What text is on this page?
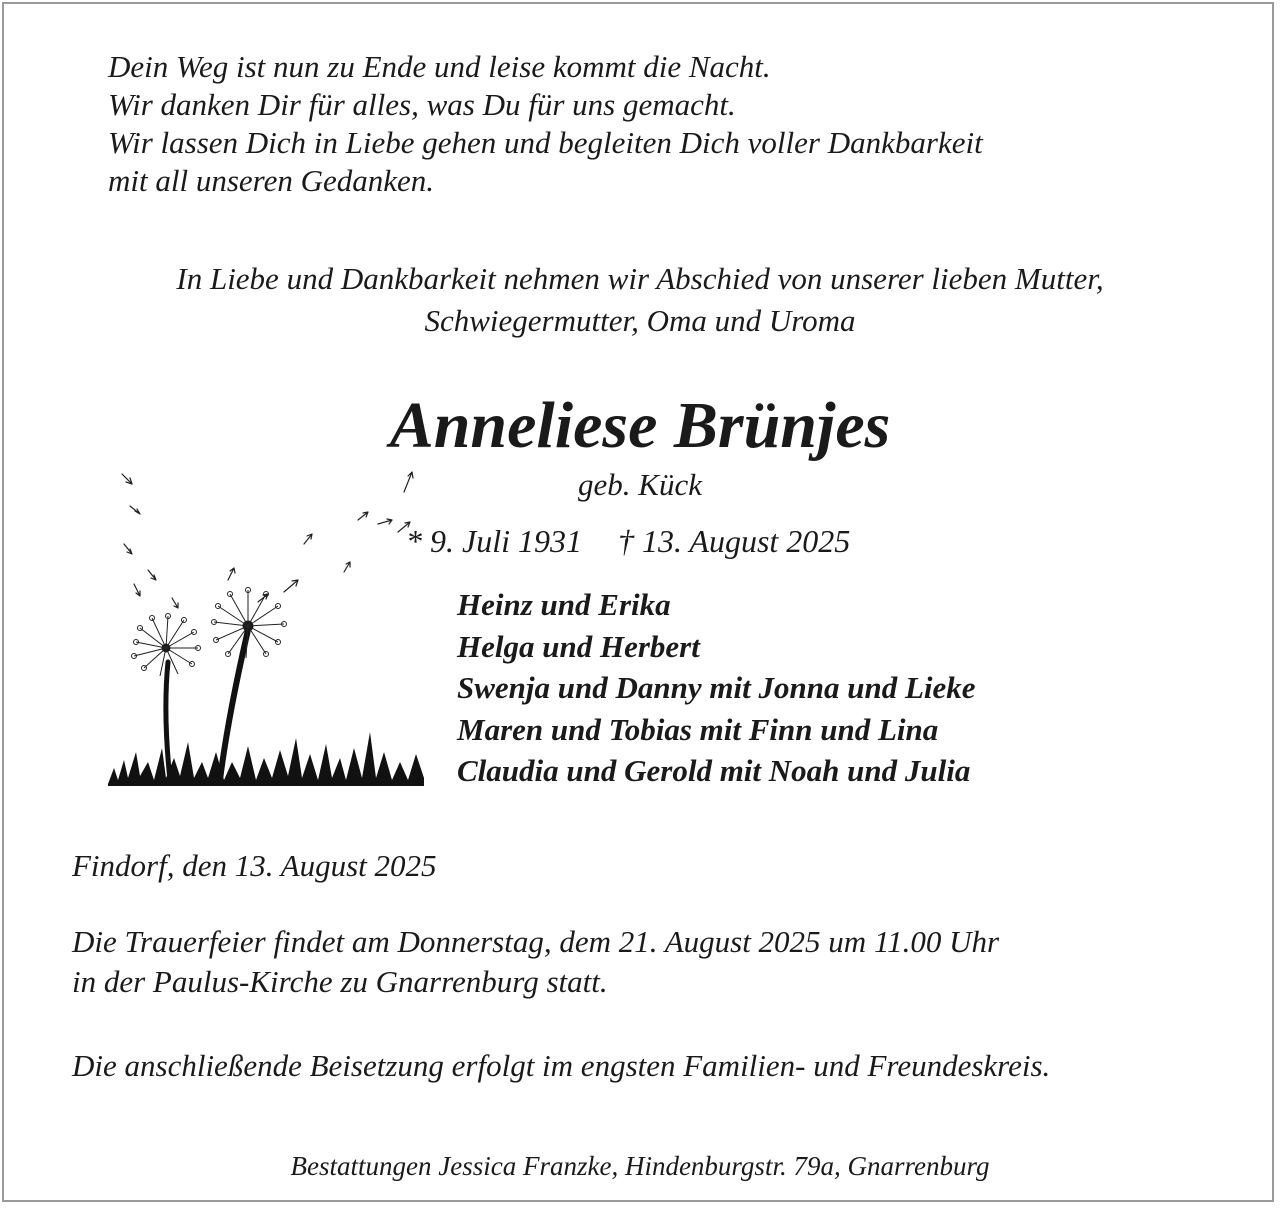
Dein Weg ist nun zu Ende und leise kommt die Nacht.
Wir danken Dir für alles, was Du für uns gemacht.
Wir lassen Dich in Liebe gehen und begleiten Dich voller Dankbarkeit
mit all unseren Gedanken.
In Liebe und Dankbarkeit nehmen wir Abschied von unserer lieben Mutter,
Schwiegermutter, Oma und Uroma
Anneliese Brünjes
geb. Kück
* 9. Juli 1931 † 13. August 2025
Heinz und Erika
Helga und Herbert
Swenja und Danny mit Jonna und Lieke
Maren und Tobias mit Finn und Lina
Claudia und Gerold mit Noah und Julia
Findorf, den 13. August 2025
Die Trauerfeier findet am Donnerstag, dem 21. August 2025 um 11.00 Uhr
in der Paulus-Kirche zu Gnarrenburg statt.
Die anschließende Beisetzung erfolgt im engsten Familien- und Freundeskreis.
Bestattungen Jessica Franzke, Hindenburgstr. 79a, Gnarrenburg
